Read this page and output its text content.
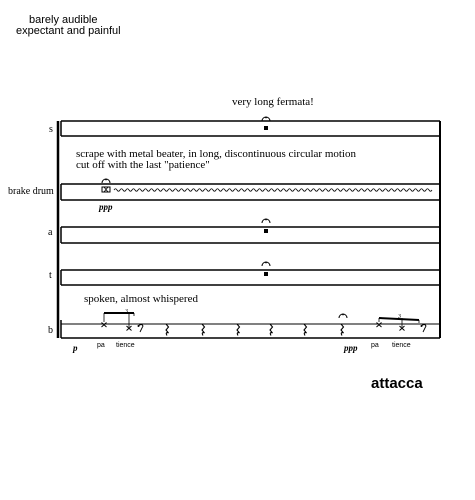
barely audible
expectant and painful
very long fermata!
s
brake drum
a
t
b
scrape with metal beater, in long, discontinuous circular motion
cut off with the last "patience"
spoken, almost whispered
ppp
p	ppp
pa tience	pa tience
attacca
3
3
